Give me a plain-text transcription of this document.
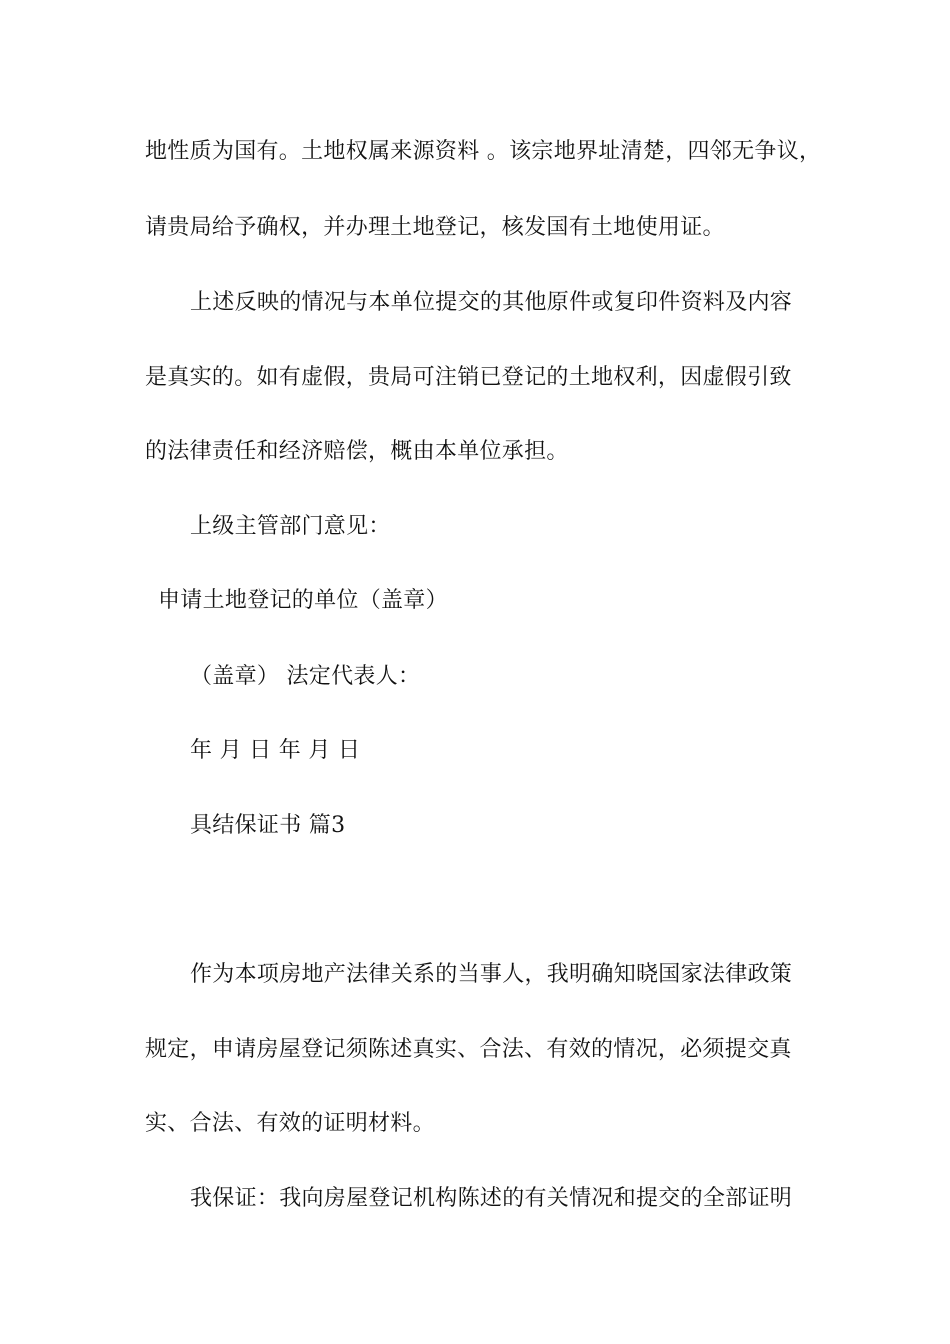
地性质为国有。土地权属来源资料 。该宗地界址清楚，四邻无争议，
请贵局给予确权，并办理土地登记，核发国有土地使用证。
上述反映的情况与本单位提交的其他原件或复印件资料及内容
是真实的。如有虚假，贵局可注销已登记的土地权利，因虚假引致
的法律责任和经济赔偿，概由本单位承担。
上级主管部门意见：
申请土地登记的单位（盖章）
（盖章） 法定代表人：
年 月 日 年 月 日
具结保证书 篇3
作为本项房地产法律关系的当事人，我明确知晓国家法律政策
规定，申请房屋登记须陈述真实、合法、有效的情况，必须提交真
实、合法、有效的证明材料。
我保证：我向房屋登记机构陈述的有关情况和提交的全部证明
